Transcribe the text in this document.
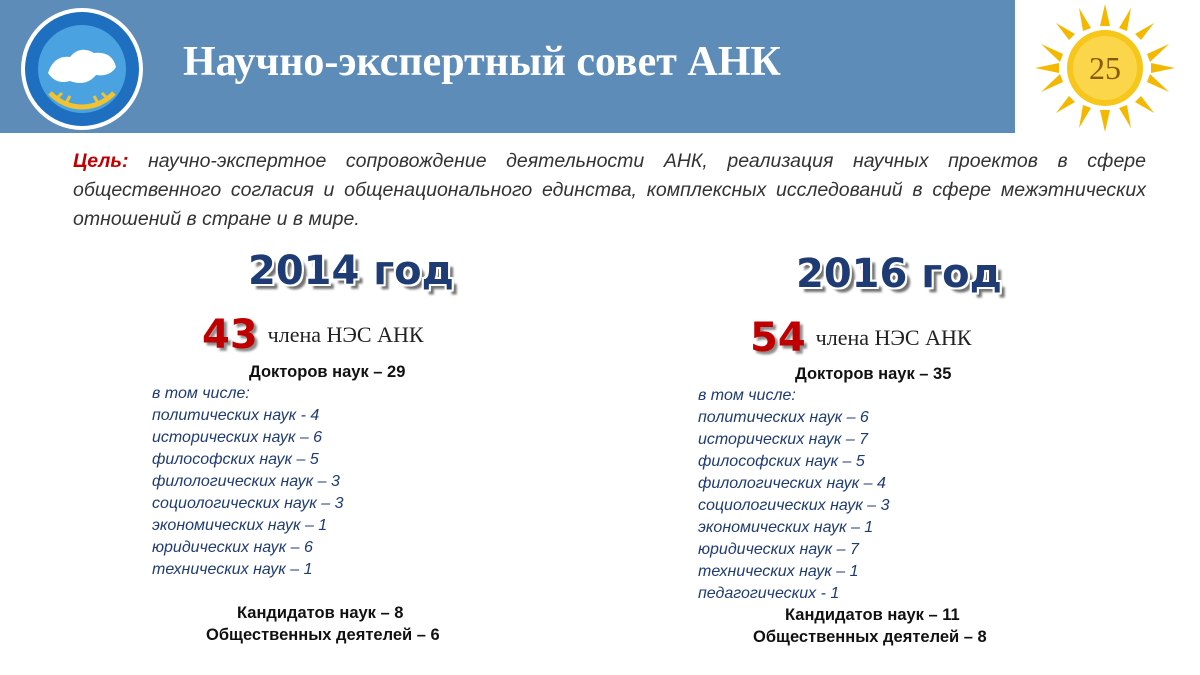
Научно-экспертный совет АНК	25
Цель: научно-экспертное сопровождение деятельности АНК, реализация научных проектов в сфере общественного согласия и общенационального единства, комплексных исследований в сфере межэтнических отношений в стране и в мире.
2014 год
43 члена НЭС АНК
Докторов наук – 29
в том числе:
политических наук - 4
исторических наук – 6
философских наук – 5
филологических наук – 3
социологических наук – 3
экономических наук – 1
юридических наук – 6
технических наук – 1
Кандидатов наук – 8
Общественных деятелей – 6
2016 год
54 члена НЭС АНК
Докторов наук – 35
в том числе:
политических наук – 6
исторических наук – 7
философских наук – 5
филологических наук – 4
социологических наук – 3
экономических наук – 1
юридических наук – 7
технических наук – 1
педагогических - 1
Кандидатов наук – 11
Общественных деятелей – 8
